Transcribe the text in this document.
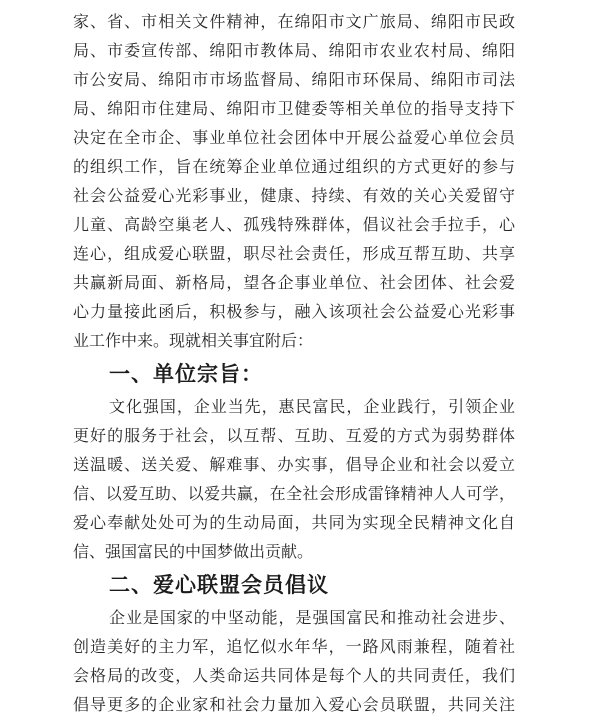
家、省、市相关文件精神，在绵阳市文广旅局、绵阳市民政
局、市委宣传部、绵阳市教体局、绵阳市农业农村局、绵阳
市公安局、绵阳市市场监督局、绵阳市环保局、绵阳市司法
局、绵阳市住建局、绵阳市卫健委等相关单位的指导支持下
决定在全市企、事业单位社会团体中开展公益爱心单位会员
的组织工作，旨在统筹企业单位通过组织的方式更好的参与
社会公益爱心光彩事业，健康、持续、有效的关心关爱留守
儿童、高龄空巢老人、孤残特殊群体，倡议社会手拉手，心
连心，组成爱心联盟，职尽社会责任，形成互帮互助、共享
共赢新局面、新格局，望各企事业单位、社会团体、社会爱
心力量接此函后，积极参与，融入该项社会公益爱心光彩事
业工作中来。现就相关事宜附后：
一、单位宗旨：
文化强国，企业当先，惠民富民，企业践行，引领企业
更好的服务于社会，以互帮、互助、互爱的方式为弱势群体
送温暖、送关爱、解难事、办实事，倡导企业和社会以爱立
信、以爱互助、以爱共赢，在全社会形成雷锋精神人人可学，
爱心奉献处处可为的生动局面，共同为实现全民精神文化自
信、强国富民的中国梦做出贡献。
二、爱心联盟会员倡议
企业是国家的中坚动能，是强国富民和推动社会进步、
创造美好的主力军，追忆似水年华，一路风雨兼程，随着社
会格局的改变，人类命运共同体是每个人的共同责任，我们
倡导更多的企业家和社会力量加入爱心会员联盟，共同关注
